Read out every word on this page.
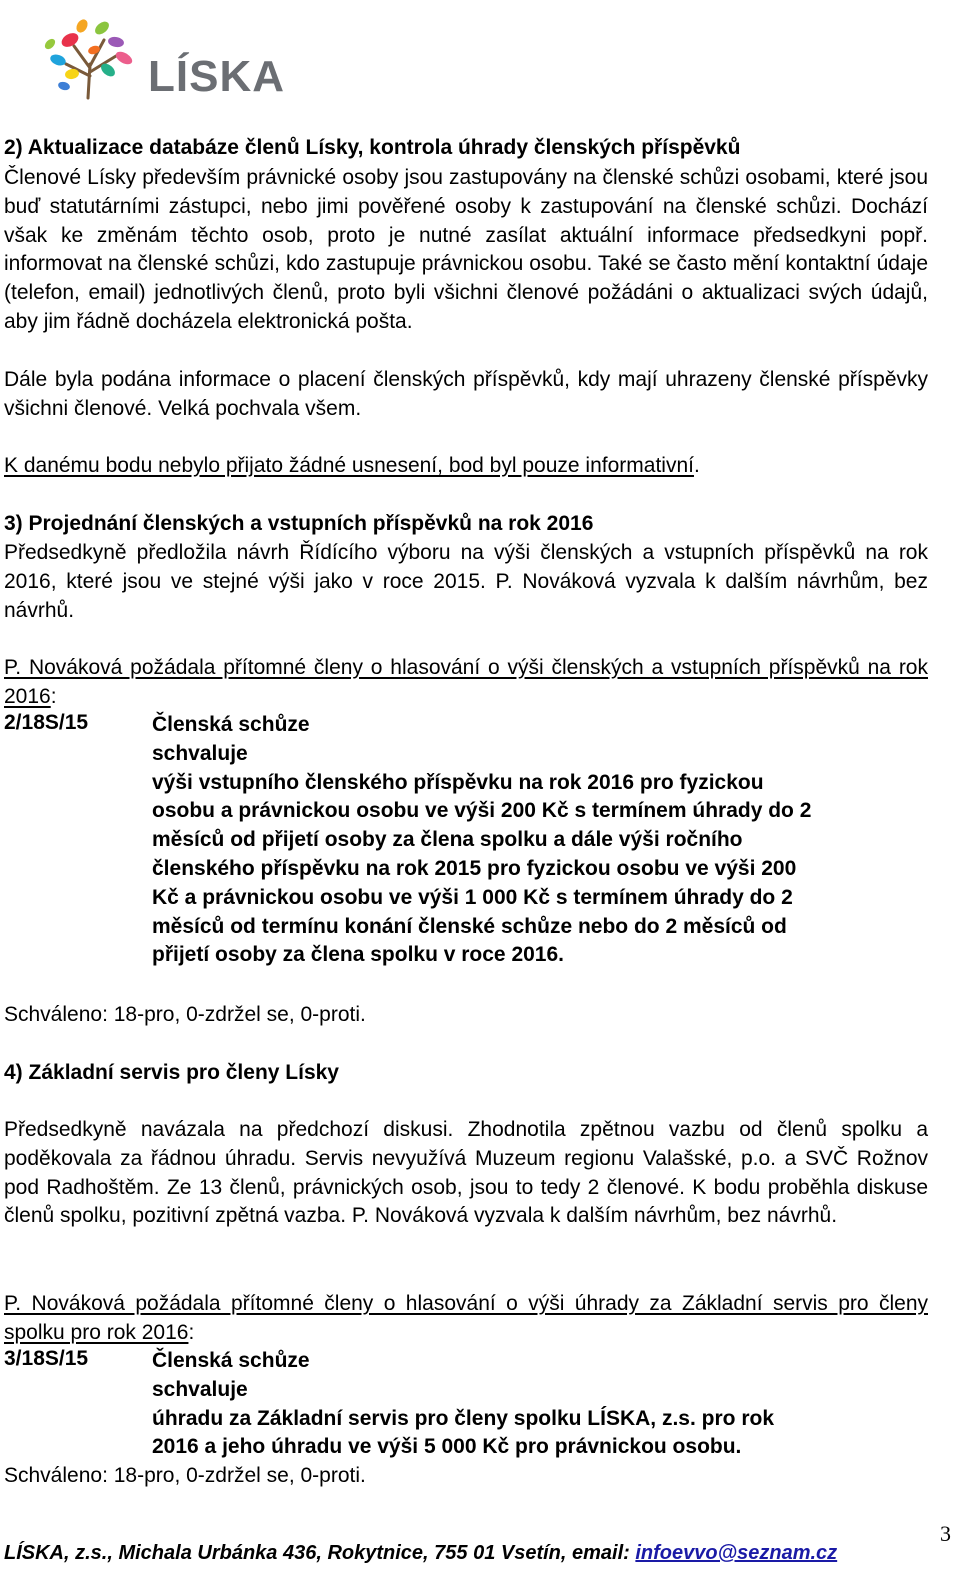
LÍSKA
2) Aktualizace databáze členů Lísky, kontrola úhrady členských příspěvků

Členové Lísky především právnické osoby jsou zastupovány na členské schůzi osobami, které jsou buď statutárními zástupci, nebo jimi pověřené osoby k zastupování na členské schůzi. Dochází však ke změnám těchto osob, proto je nutné zasílat aktuální informace předsedkyni popř. informovat na členské schůzi, kdo zastupuje právnickou osobu. Také se často mění kontaktní údaje (telefon, email) jednotlivých členů, proto byli všichni členové požádáni o aktualizaci svých údajů, aby jim řádně docházela elektronická pošta.

Dále byla podána informace o placení členských příspěvků, kdy mají uhrazeny členské příspěvky všichni členové. Velká pochvala všem.

K danému bodu nebylo přijato žádné usnesení, bod byl pouze informativní.

3) Projednání členských a vstupních příspěvků na rok 2016

Předsedkyně předložila návrh Řídícího výboru na výši členských a vstupních příspěvků na rok 2016, které jsou ve stejné výši jako v roce 2015. P. Nováková vyzvala k dalším návrhům, bez návrhů.

P. Nováková požádala přítomné členy o hlasování o výši členských a vstupních příspěvků na rok 2016:

2/18S/15	Členská schůze
schvaluje
výši vstupního členského příspěvku na rok 2016 pro fyzickou
osobu a právnickou osobu ve výši 200 Kč s termínem úhrady do 2
měsíců od přijetí osoby za člena spolku a dále výši ročního
členského příspěvku na rok 2015 pro fyzickou osobu ve výši 200
Kč a právnickou osobu ve výši 1 000 Kč s termínem úhrady do 2
měsíců od termínu konání členské schůze nebo do 2 měsíců od
přijetí osoby za člena spolku v roce 2016.

Schváleno: 18-pro, 0-zdržel se, 0-proti.

4) Základní servis pro členy Lísky

Předsedkyně navázala na předchozí diskusi. Zhodnotila zpětnou vazbu od členů spolku a poděkovala za řádnou úhradu. Servis nevyužívá Muzeum regionu Valašské, p.o. a SVČ Rožnov pod Radhoštěm. Ze 13 členů, právnických osob, jsou to tedy 2 členové. K bodu proběhla diskuse členů spolku, pozitivní zpětná vazba. P. Nováková vyzvala k dalším návrhům, bez návrhů.

P. Nováková požádala přítomné členy o hlasování o výši úhrady za Základní servis pro členy spolku pro rok 2016:

3/18S/15	Členská schůze
schvaluje
úhradu za Základní servis pro členy spolku LÍSKA, z.s. pro rok
2016 a jeho úhradu ve výši 5 000 Kč pro právnickou osobu.

Schváleno: 18-pro, 0-zdržel se, 0-proti.

LÍSKA, z.s., Michala Urbánka 436, Rokytnice, 755 01 Vsetín, email: infoevvo@seznam.cz
3
